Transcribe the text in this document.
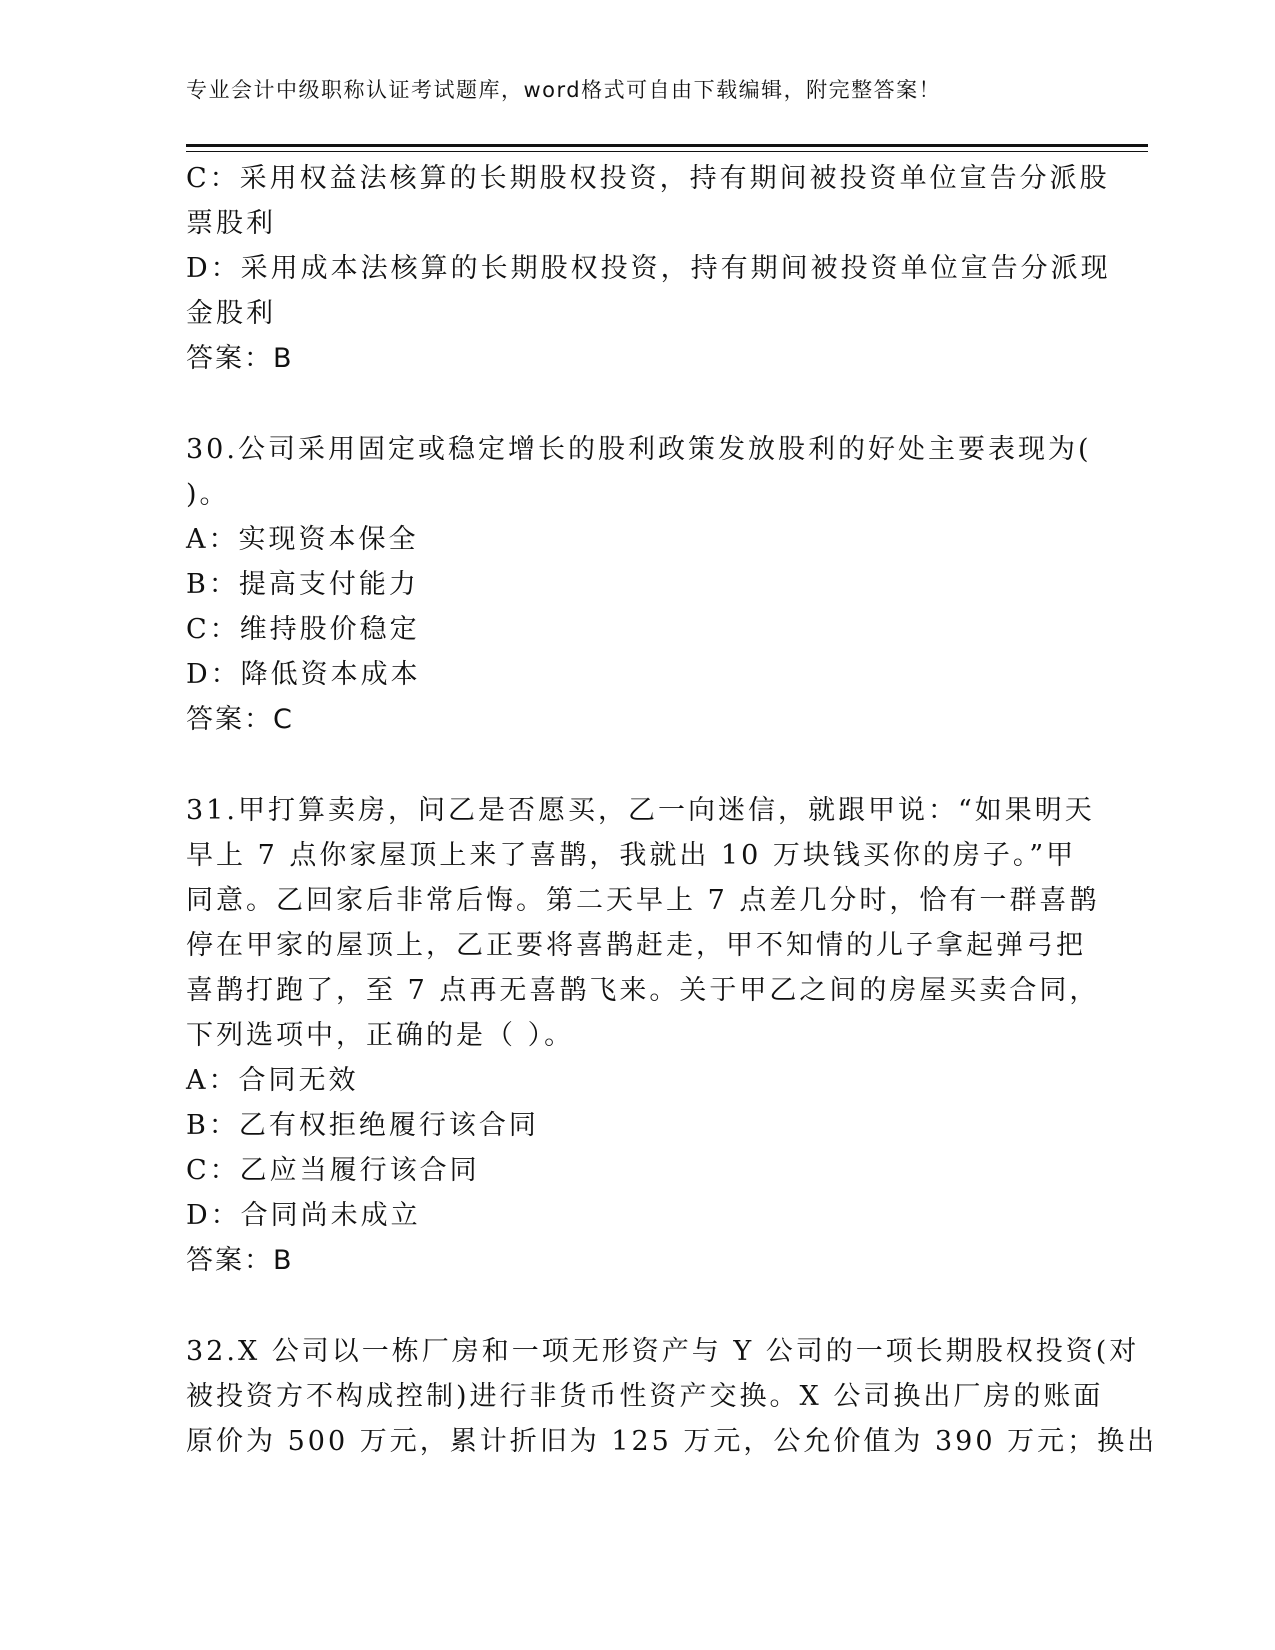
专业会计中级职称认证考试题库，word格式可自由下载编辑，附完整答案！
C：采用权益法核算的长期股权投资，持有期间被投资单位宣告分派股
票股利
D：采用成本法核算的长期股权投资，持有期间被投资单位宣告分派现
金股利
答案：B
30.公司采用固定或稳定增长的股利政策发放股利的好处主要表现为(
)。
A：实现资本保全
B：提高支付能力
C：维持股价稳定
D：降低资本成本
答案：C
31.甲打算卖房，问乙是否愿买，乙一向迷信，就跟甲说：“如果明天
早上 7 点你家屋顶上来了喜鹊，我就出 10 万块钱买你的房子。”甲
同意。乙回家后非常后悔。第二天早上 7 点差几分时，恰有一群喜鹊
停在甲家的屋顶上，乙正要将喜鹊赶走，甲不知情的儿子拿起弹弓把
喜鹊打跑了，至 7 点再无喜鹊飞来。关于甲乙之间的房屋买卖合同，
下列选项中，正确的是（ ）。
A：合同无效
B：乙有权拒绝履行该合同
C：乙应当履行该合同
D：合同尚未成立
答案：B
32.X 公司以一栋厂房和一项无形资产与 Y 公司的一项长期股权投资(对
被投资方不构成控制)进行非货币性资产交换。X 公司换出厂房的账面
原价为 500 万元，累计折旧为 125 万元，公允价值为 390 万元；换出
